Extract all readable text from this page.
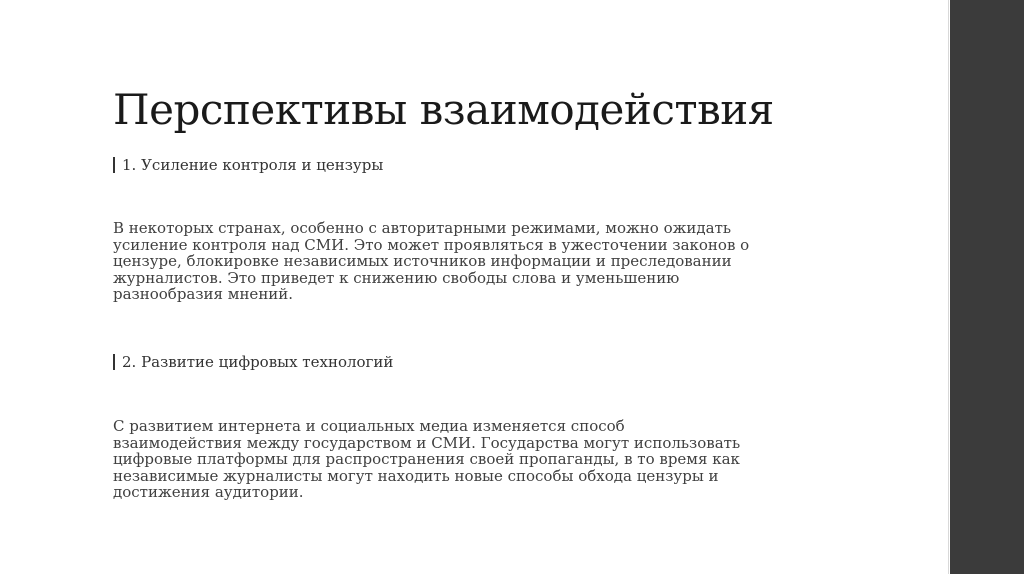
Перспективы взаимодействия
1. Усиление контроля и цензуры

В некоторых странах, особенно с авторитарными режимами, можно ожидать
усиление контроля над СМИ. Это может проявляться в ужесточении законов о
цензуре, блокировке независимых источников информации и преследовании
журналистов. Это приведет к снижению свободы слова и уменьшению
разнообразия мнений.

2. Развитие цифровых технологий

С развитием интернета и социальных медиа изменяется способ
взаимодействия между государством и СМИ. Государства могут использовать
цифровые платформы для распространения своей пропаганды, в то время как
независимые журналисты могут находить новые способы обхода цензуры и
достижения аудитории.
